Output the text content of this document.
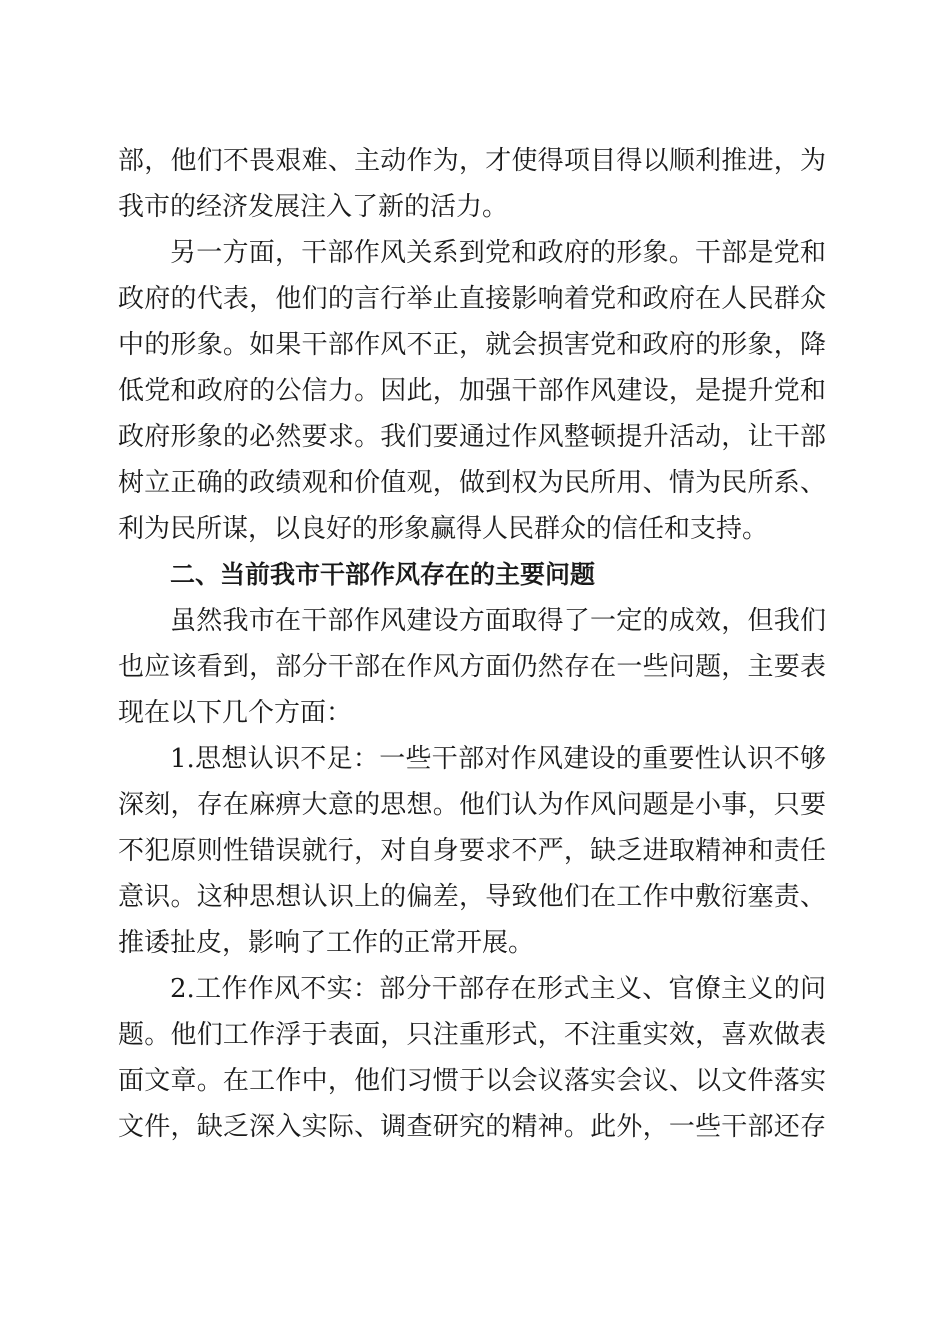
部，他们不畏艰难、主动作为，才使得项目得以顺利推进，为
我市的经济发展注入了新的活力。
另一方面，干部作风关系到党和政府的形象。干部是党和
政府的代表，他们的言行举止直接影响着党和政府在人民群众
中的形象。如果干部作风不正，就会损害党和政府的形象，降
低党和政府的公信力。因此，加强干部作风建设，是提升党和
政府形象的必然要求。我们要通过作风整顿提升活动，让干部
树立正确的政绩观和价值观，做到权为民所用、情为民所系、
利为民所谋，以良好的形象赢得人民群众的信任和支持。
二、当前我市干部作风存在的主要问题
虽然我市在干部作风建设方面取得了一定的成效，但我们
也应该看到，部分干部在作风方面仍然存在一些问题，主要表
现在以下几个方面：
1.思想认识不足：一些干部对作风建设的重要性认识不够
深刻，存在麻痹大意的思想。他们认为作风问题是小事，只要
不犯原则性错误就行，对自身要求不严，缺乏进取精神和责任
意识。这种思想认识上的偏差，导致他们在工作中敷衍塞责、
推诿扯皮，影响了工作的正常开展。
2.工作作风不实：部分干部存在形式主义、官僚主义的问
题。他们工作浮于表面，只注重形式，不注重实效，喜欢做表
面文章。在工作中，他们习惯于以会议落实会议、以文件落实
文件，缺乏深入实际、调查研究的精神。此外，一些干部还存
